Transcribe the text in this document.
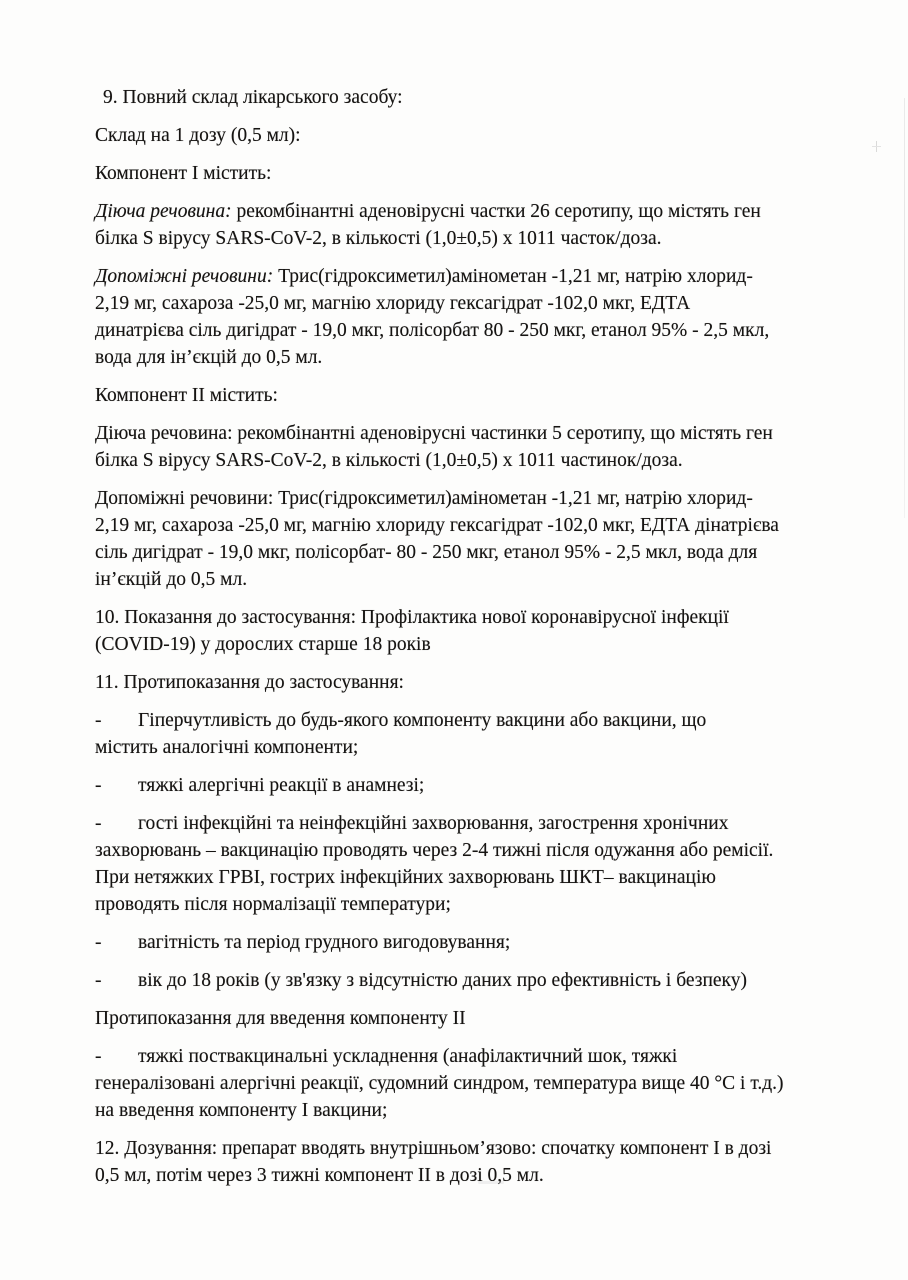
9. Повний склад лікарського засобу:
Склад на 1 дозу (0,5 мл):
Компонент I містить:
Діюча речовина: рекомбінантні аденовірусні частки 26 серотипу, що містять ген
білка S вірусу SARS-CoV-2, в кількості (1,0±0,5) х 1011 часток/доза.
Допоміжні речовини: Трис(гідроксиметил)амінометан -1,21 мг, натрію хлорид-
2,19 мг, сахароза -25,0 мг, магнію хлориду гексагідрат -102,0 мкг, ЕДТА
динатрієва сіль дигідрат - 19,0 мкг, полісорбат 80 - 250 мкг, етанол 95% - 2,5 мкл,
вода для ін’єкцій до 0,5 мл.
Компонент II містить:
Діюча речовина: рекомбінантні аденовірусні частинки 5 серотипу, що містять ген
білка S вірусу SARS-CoV-2, в кількості (1,0±0,5) х 1011 частинок/доза.
Допоміжні речовини: Трис(гідроксиметил)амінометан -1,21 мг, натрію хлорид-
2,19 мг, сахароза -25,0 мг, магнію хлориду гексагідрат -102,0 мкг, ЕДТА дінатрієва
сіль дигідрат - 19,0 мкг, полісорбат- 80 - 250 мкг, етанол 95% - 2,5 мкл, вода для
ін’єкцій до 0,5 мл.
10. Показання до застосування: Профілактика нової коронавірусної інфекції
(COVID-19) у дорослих старше 18 років
11. Протипоказання до застосування:
- Гіперчутливість до будь-якого компоненту вакцини або вакцини, що
містить аналогічні компоненти;
- тяжкі алергічні реакції в анамнезі;
- гості інфекційні та неінфекційні захворювання, загострення хронічних
захворювань – вакцинацію проводять через 2-4 тижні після одужання або ремісії.
При нетяжких ГРВІ, гострих інфекційних захворювань ШКТ– вакцинацію
проводять після нормалізації температури;
- вагітність та період грудного вигодовування;
- вік до 18 років (у зв'язку з відсутністю даних про ефективність і безпеку)
Протипоказання для введення компоненту II
- тяжкі поствакцинальні ускладнення (анафілактичний шок, тяжкі
генералізовані алергічні реакції, судомний синдром, температура вище 40 °С і т.д.)
на введення компоненту I вакцини;
12. Дозування: препарат вводять внутрішньом’язово: спочатку компонент I в дозі
0,5 мл, потім через 3 тижні компонент II в дозі 0,5 мл.
